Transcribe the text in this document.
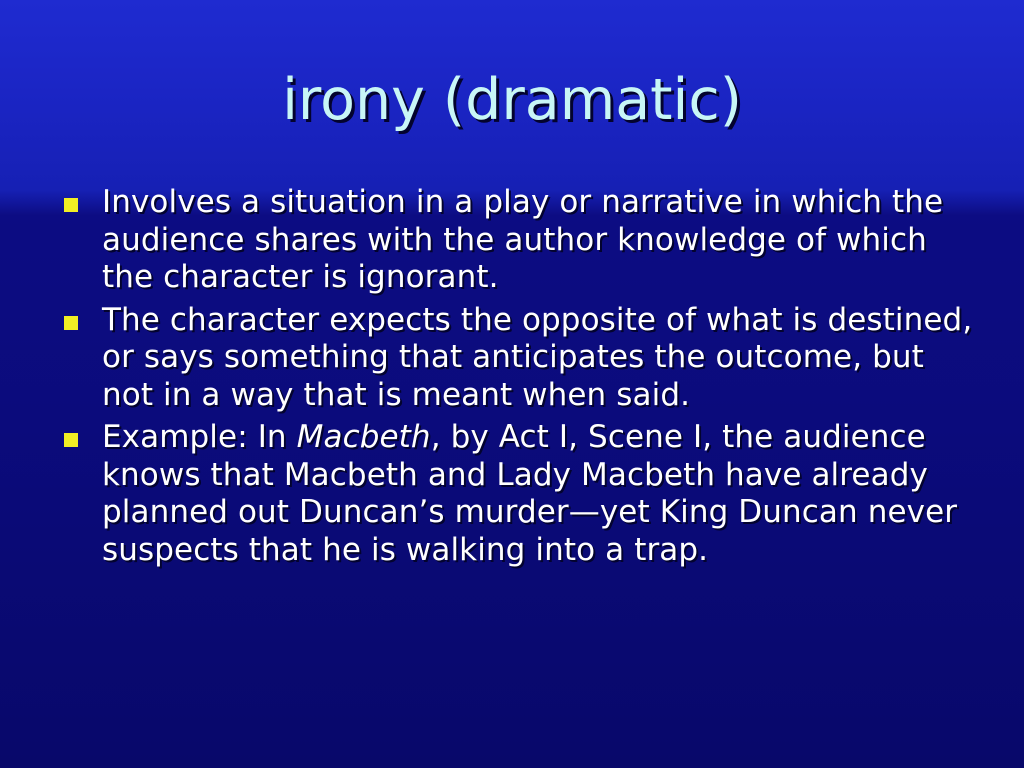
irony (dramatic)
Involves a situation in a play or narrative in which the audience shares with the author knowledge of which the character is ignorant.
The character expects the opposite of what is destined, or says something that anticipates the outcome, but not in a way that is meant when said.
Example: In Macbeth, by Act I, Scene I, the audience knows that Macbeth and Lady Macbeth have already planned out Duncan’s murder—yet King Duncan never suspects that he is walking into a trap.
